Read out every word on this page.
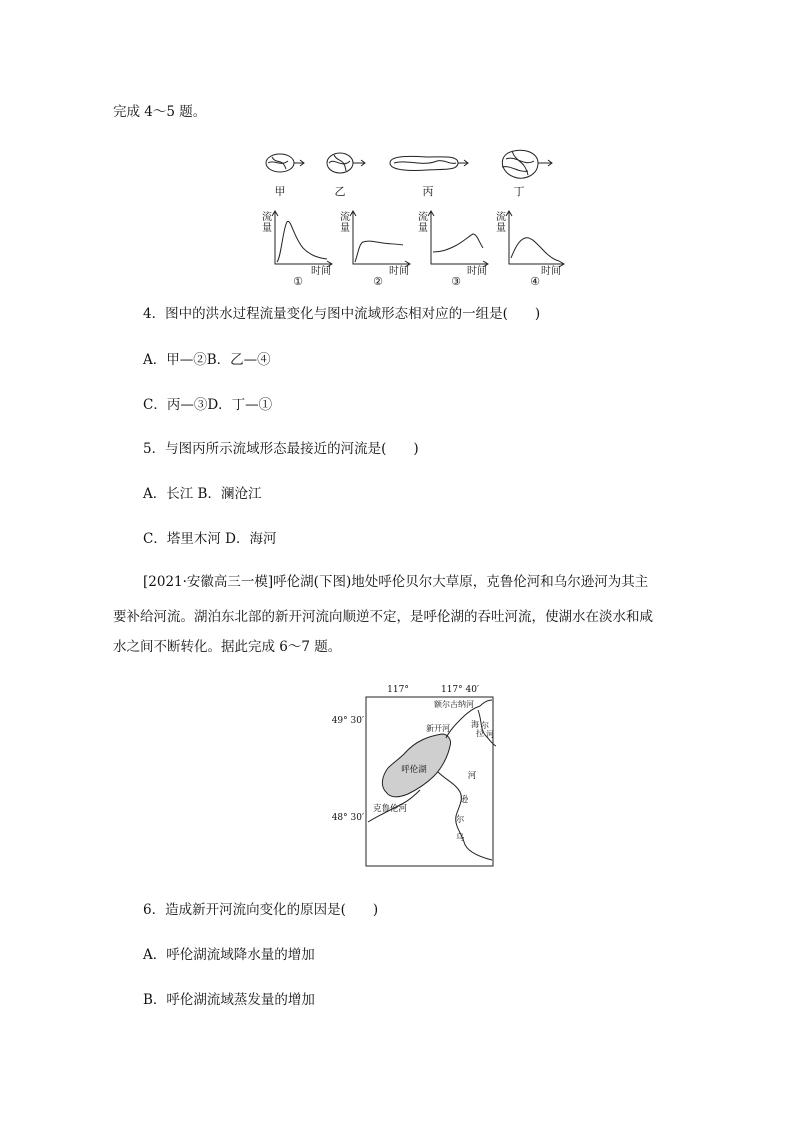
完成 4～5 题。
甲	乙	丙	丁
流
量
时间
①
流
量
时间
②
流
量
时间
③
流
量
时间
④
4．图中的洪水过程流量变化与图中流域形态相对应的一组是(　　)
A．甲—②B．乙—④
C．丙—③D．丁—①
5．与图丙所示流域形态最接近的河流是(　　)
A．长江 B．澜沧江
C．塔里木河 D．海河
[2021·安徽高三一模]呼伦湖(下图)地处呼伦贝尔大草原，克鲁伦河和乌尔逊河为其主
要补给河流。湖泊东北部的新开河流向顺逆不定，是呼伦湖的吞吐河流，使湖水在淡水和咸
水之间不断转化。据此完成 6～7 题。
117°	117° 40′
49° 30′
48° 30′
额尔古纳河
新开河	海
拉
尔
河
呼伦湖
克鲁伦河
河
逊
尔
乌
6．造成新开河流向变化的原因是(　　)
A．呼伦湖流域降水量的增加
B．呼伦湖流域蒸发量的增加
